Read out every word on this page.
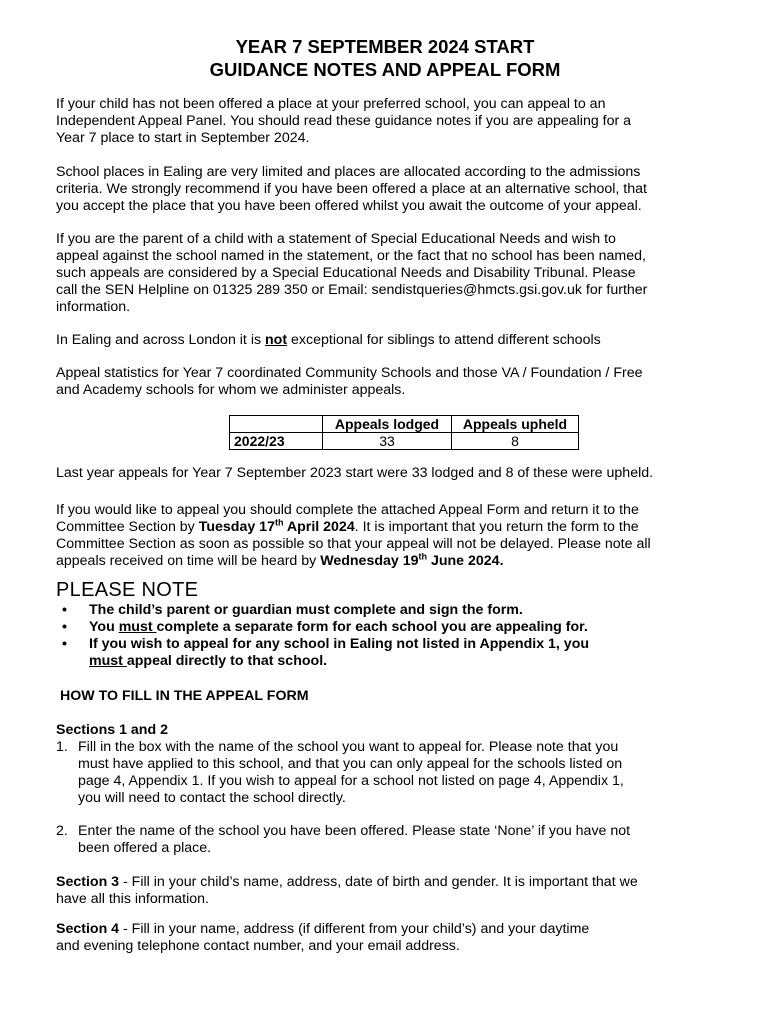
YEAR 7 SEPTEMBER 2024 START
GUIDANCE NOTES AND APPEAL FORM

If your child has not been offered a place at your preferred school, you can appeal to an
Independent Appeal Panel. You should read these guidance notes if you are appealing for a
Year 7 place to start in September 2024.

School places in Ealing are very limited and places are allocated according to the admissions
criteria. We strongly recommend if you have been offered a place at an alternative school, that
you accept the place that you have been offered whilst you await the outcome of your appeal.

If you are the parent of a child with a statement of Special Educational Needs and wish to
appeal against the school named in the statement, or the fact that no school has been named,
such appeals are considered by a Special Educational Needs and Disability Tribunal. Please
call the SEN Helpline on 01325 289 350 or Email: sendistqueries@hmcts.gsi.gov.uk for further
information.

In Ealing and across London it is not exceptional for siblings to attend different schools

Appeal statistics for Year 7 coordinated Community Schools and those VA / Foundation / Free
and Academy schools for whom we administer appeals.

	Appeals lodged	Appeals upheld
2022/23	33	8

Last year appeals for Year 7 September 2023 start were 33 lodged and 8 of these were upheld.

If you would like to appeal you should complete the attached Appeal Form and return it to the
Committee Section by Tuesday 17th April 2024. It is important that you return the form to the
Committee Section as soon as possible so that your appeal will not be delayed. Please note all
appeals received on time will be heard by Wednesday 19th June 2024.

PLEASE NOTE
• The child’s parent or guardian must complete and sign the form.
• You must complete a separate form for each school you are appealing for.
• If you wish to appeal for any school in Ealing not listed in Appendix 1, you
must appeal directly to that school.
HOW TO FILL IN THE APPEAL FORM
Sections 1 and 2
1. Fill in the box with the name of the school you want to appeal for. Please note that you
must have applied to this school, and that you can only appeal for the schools listed on
page 4, Appendix 1. If you wish to appeal for a school not listed on page 4, Appendix 1,
you will need to contact the school directly.
2. Enter the name of the school you have been offered. Please state ‘None’ if you have not
been offered a place.

Section 3 - Fill in your child’s name, address, date of birth and gender. It is important that we
have all this information.

Section 4 - Fill in your name, address (if different from your child’s) and your daytime
and evening telephone contact number, and your email address.
